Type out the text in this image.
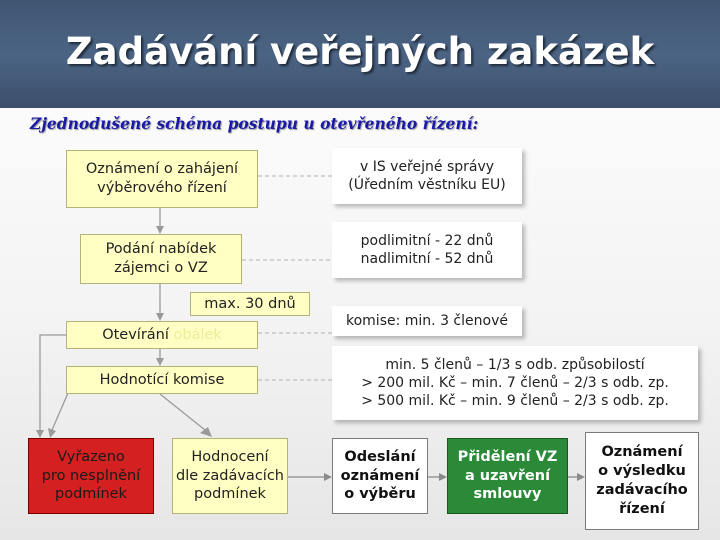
Zadávání veřejných zakázek
Zjednodušené schéma postupu u otevřeného řízení:
Oznámení o zahájení
výběrového řízení
Podání nabídek
zájemci o VZ
max. 30 dnů
Otevírání obálek
Hodnotící komise
v IS veřejné správy
(Úředním věstníku EU)
podlimitní - 22 dnů
nadlimitní - 52 dnů
komise: min. 3 členové
min. 5 členů – 1/3 s odb. způsobilostí
> 200 mil. Kč – min. 7 členů – 2/3 s odb. zp.
> 500 mil. Kč – min. 9 členů – 2/3 s odb. zp.
Vyřazeno
pro nesplnění
podmínek
Hodnocení
dle zadávacích
podmínek
Odeslání
oznámení
o výběru
Přidělení VZ
a uzavření
smlouvy
Oznámení
o výsledku
zadávacího
řízení
